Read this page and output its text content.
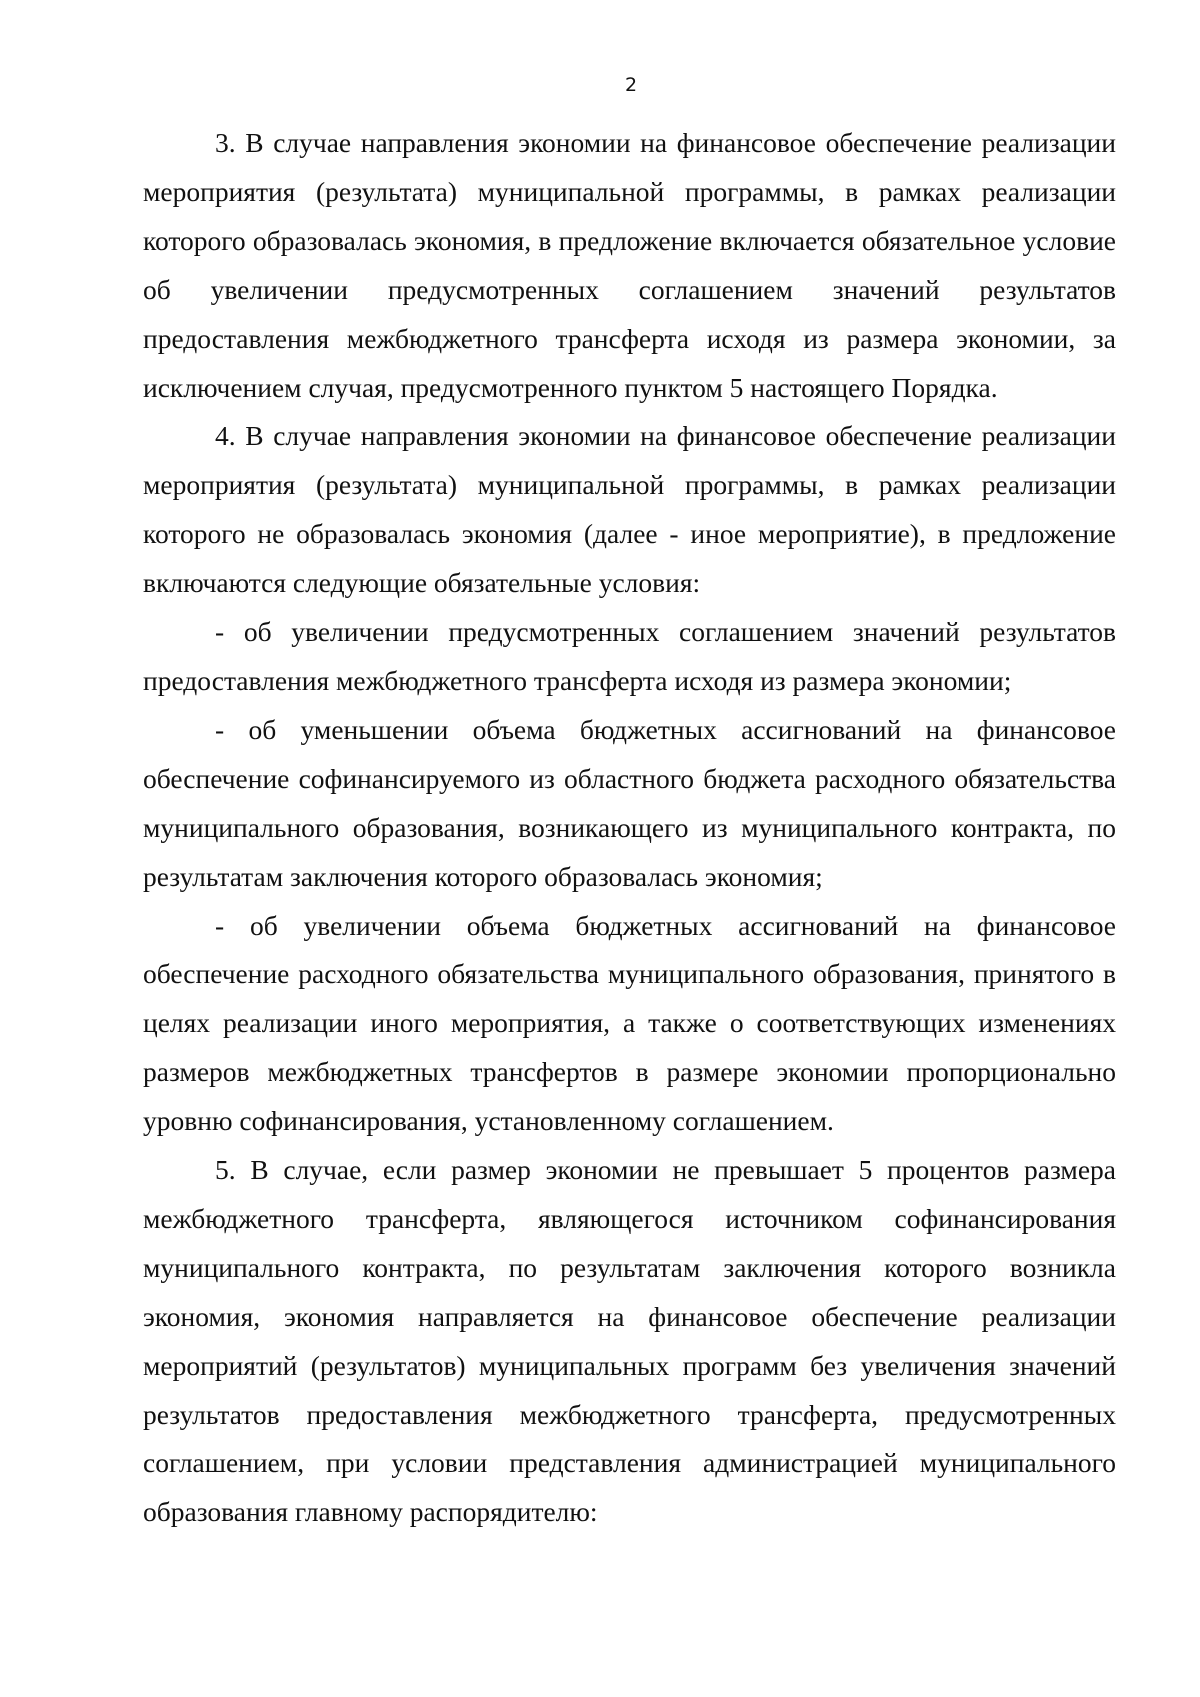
2

3. В случае направления экономии на финансовое обеспечение реализации мероприятия (результата) муниципальной программы, в рамках реализации которого образовалась экономия, в предложение включается обязательное условие об увеличении предусмотренных соглашением значений результатов предоставления межбюджетного трансферта исходя из размера экономии, за исключением случая, предусмотренного пунктом 5 настоящего Порядка.

4. В случае направления экономии на финансовое обеспечение реализации мероприятия (результата) муниципальной программы, в рамках реализации которого не образовалась экономия (далее - иное мероприятие), в предложение включаются следующие обязательные условия:

- об увеличении предусмотренных соглашением значений результатов предоставления межбюджетного трансферта исходя из размера экономии;

- об уменьшении объема бюджетных ассигнований на финансовое обеспечение софинансируемого из областного бюджета расходного обязательства муниципального образования, возникающего из муниципального контракта, по результатам заключения которого образовалась экономия;

- об увеличении объема бюджетных ассигнований на финансовое обеспечение расходного обязательства муниципального образования, принятого в целях реализации иного мероприятия, а также о соответствующих изменениях размеров межбюджетных трансфертов в размере экономии пропорционально уровню софинансирования, установленному соглашением.

5. В случае, если размер экономии не превышает 5 процентов размера межбюджетного трансферта, являющегося источником софинансирования муниципального контракта, по результатам заключения которого возникла экономия, экономия направляется на финансовое обеспечение реализации мероприятий (результатов) муниципальных программ без увеличения значений результатов предоставления межбюджетного трансферта, предусмотренных соглашением, при условии представления администрацией муниципального образования главному распорядителю:
